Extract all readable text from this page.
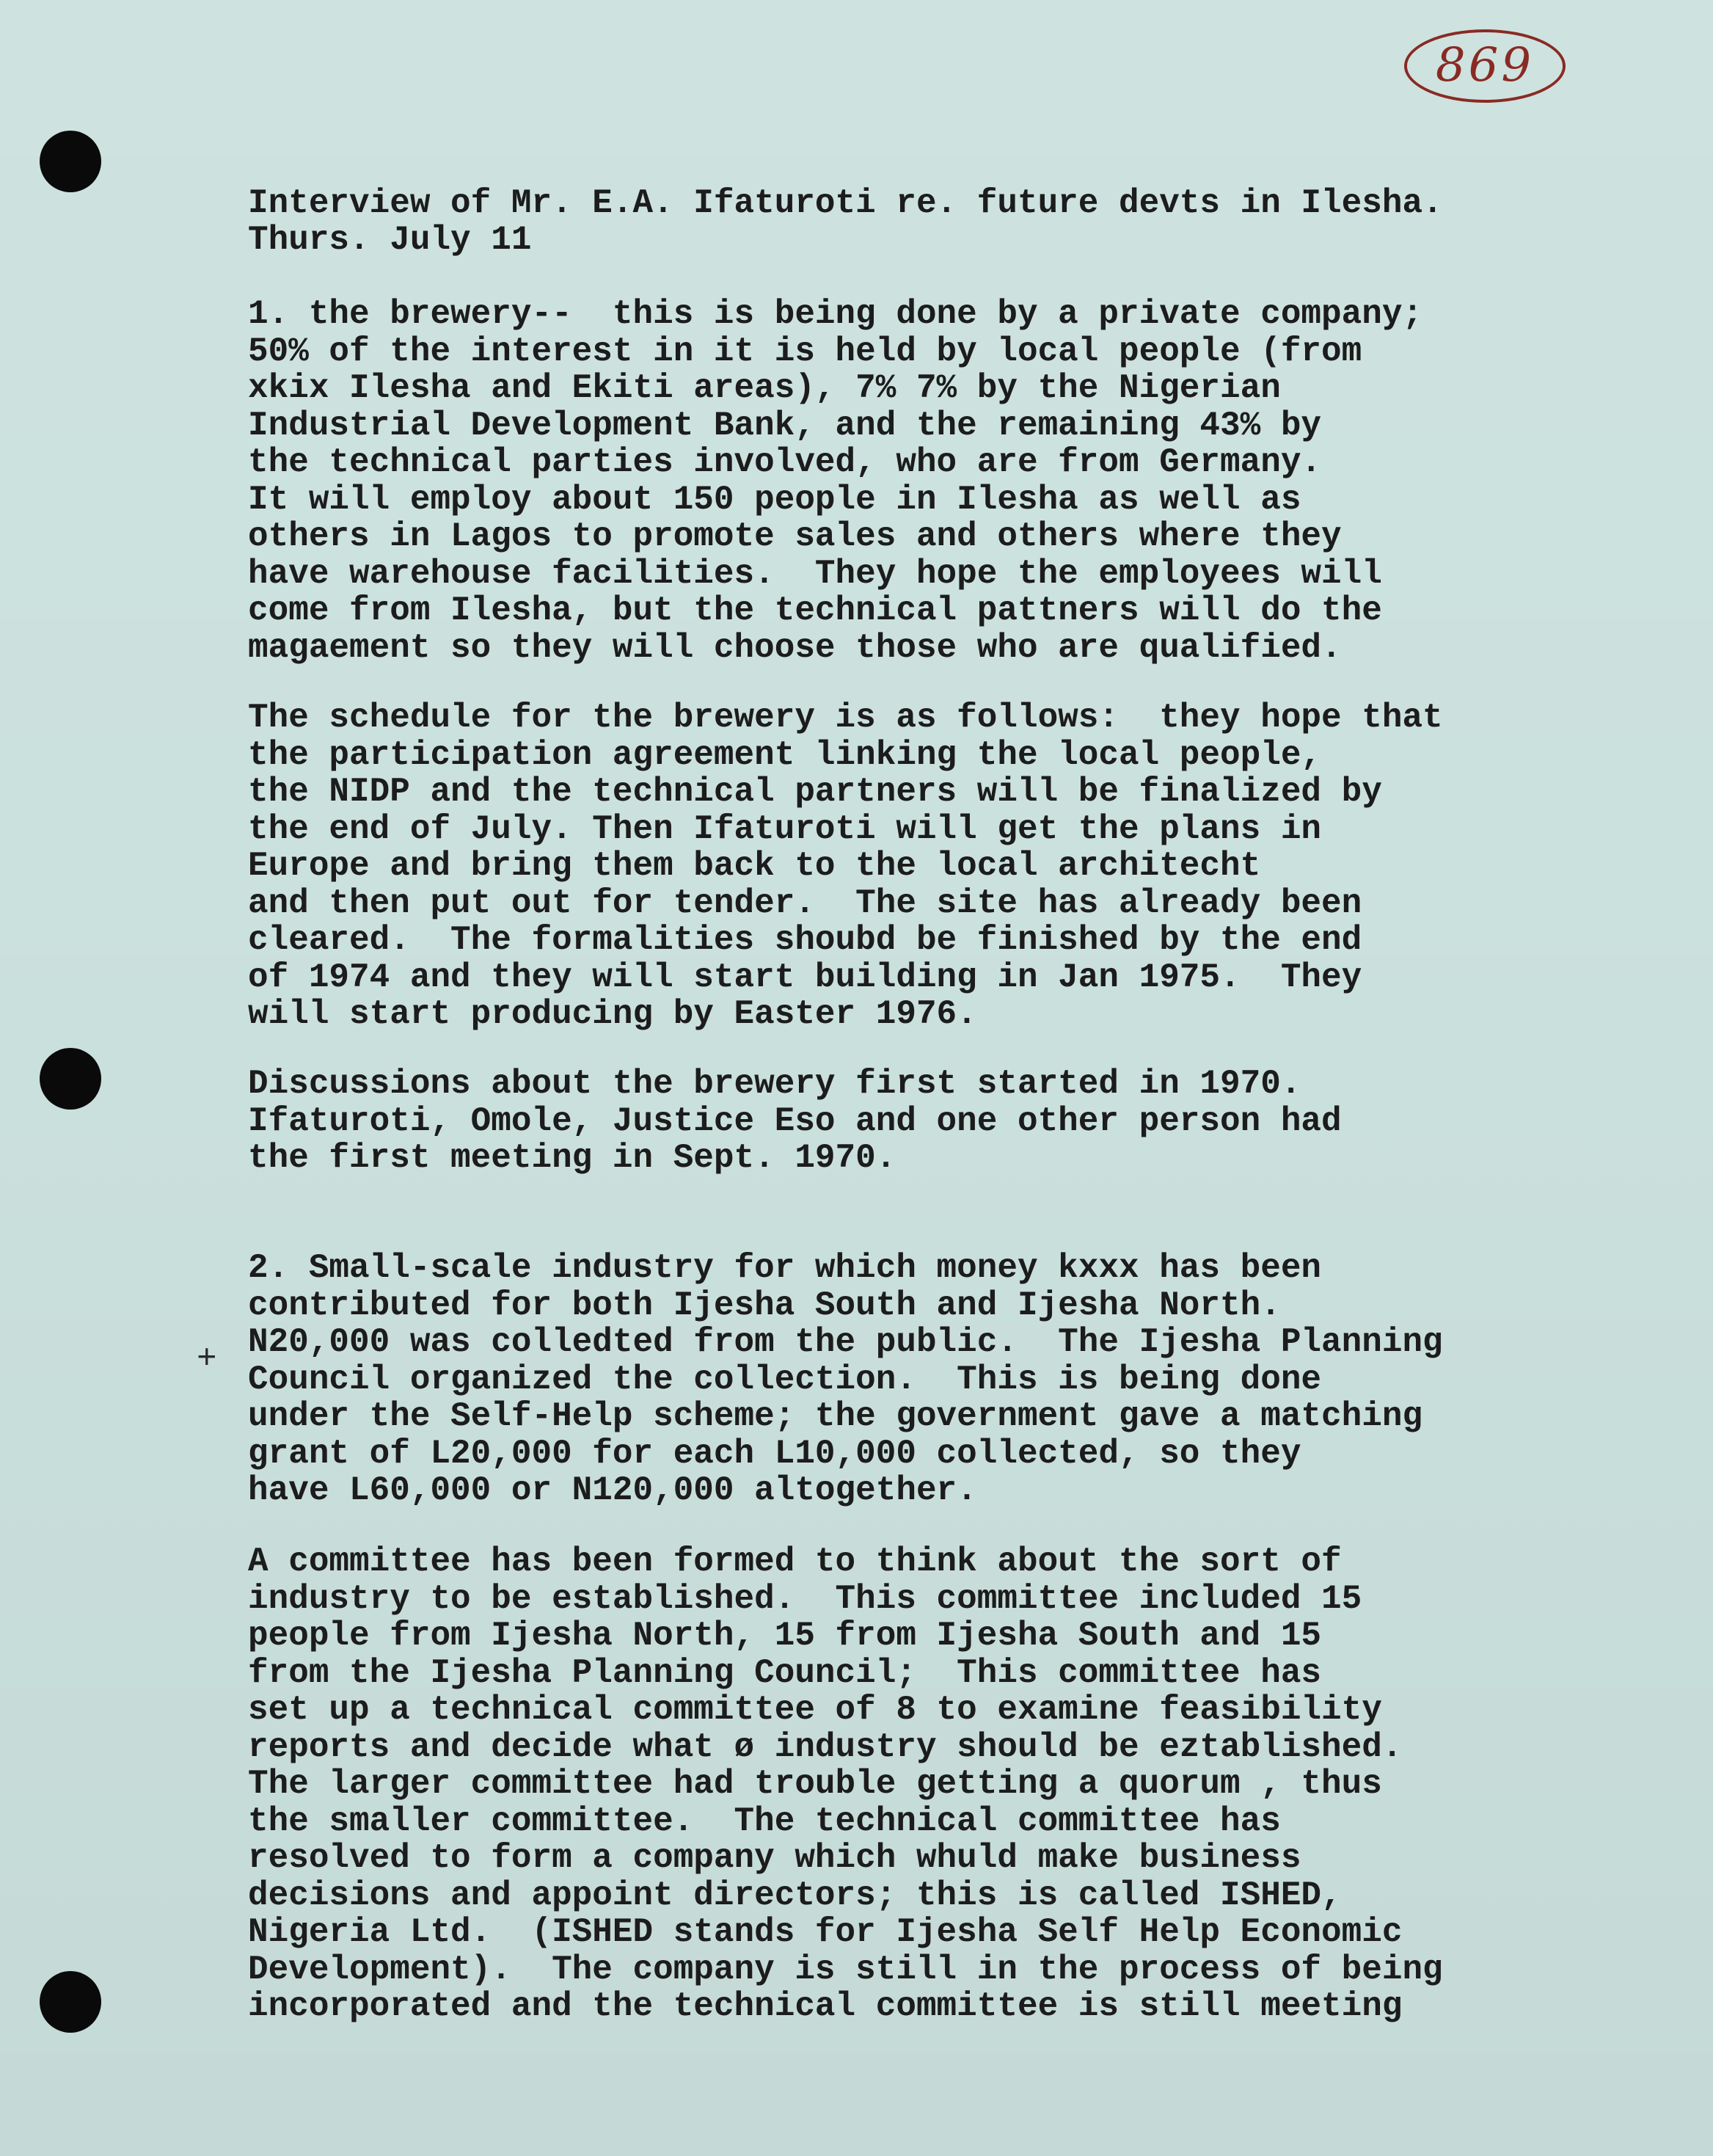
869

Interview of Mr. E.A. Ifaturoti re. future devts in Ilesha.

Thurs. July 11

1. the brewery--  this is being done by a private company;
50% of the interest in it is held by local people (from
xkix Ilesha and Ekiti areas), 7% 7% by the Nigerian
Industrial Development Bank, and the remaining 43% by
the technical parties involved, who are from Germany.
It will employ about 150 people in Ilesha as well as
others in Lagos to promote sales and others where they
have warehouse facilities.  They hope the employees will
come from Ilesha, but the technical pattners will do the
magaement so they will choose those who are qualified.

The schedule for the brewery is as follows:  they hope that
the participation agreement linking the local people,
the NIDP and the technical partners will be finalized by
the end of July. Then Ifaturoti will get the plans in
Europe and bring them back to the local architecht
and then put out for tender.  The site has already been
cleared.  The formalities shoubd be finished by the end
of 1974 and they will start building in Jan 1975.  They
will start producing by Easter 1976.

Discussions about the brewery first started in 1970.
Ifaturoti, Omole, Justice Eso and one other person had
the first meeting in Sept. 1970.

2. Small-scale industry for which money kxxx has been
contributed for both Ijesha South and Ijesha North.
N20,000 was colledted from the public.  The Ijesha Planning
Council organized the collection.  This is being done
under the Self-Help scheme; the government gave a matching
grant of L20,000 for each L10,000 collected, so they
have L60,000 or N120,000 altogether.

A committee has been formed to think about the sort of
industry to be established.  This committee included 15
people from Ijesha North, 15 from Ijesha South and 15
from the Ijesha Planning Council;  This committee has
set up a technical committee of 8 to examine feasibility
reports and decide what ø industry should be eztablished.
The larger committee had trouble getting a quorum , thus
the smaller committee.  The technical committee has
resolved to form a company which whuld make business
decisions and appoint directors; this is called ISHED,
Nigeria Ltd.  (ISHED stands for Ijesha Self Help Economic
Development).  The company is still in the process of being
incorporated and the technical committee is still meeting

+
